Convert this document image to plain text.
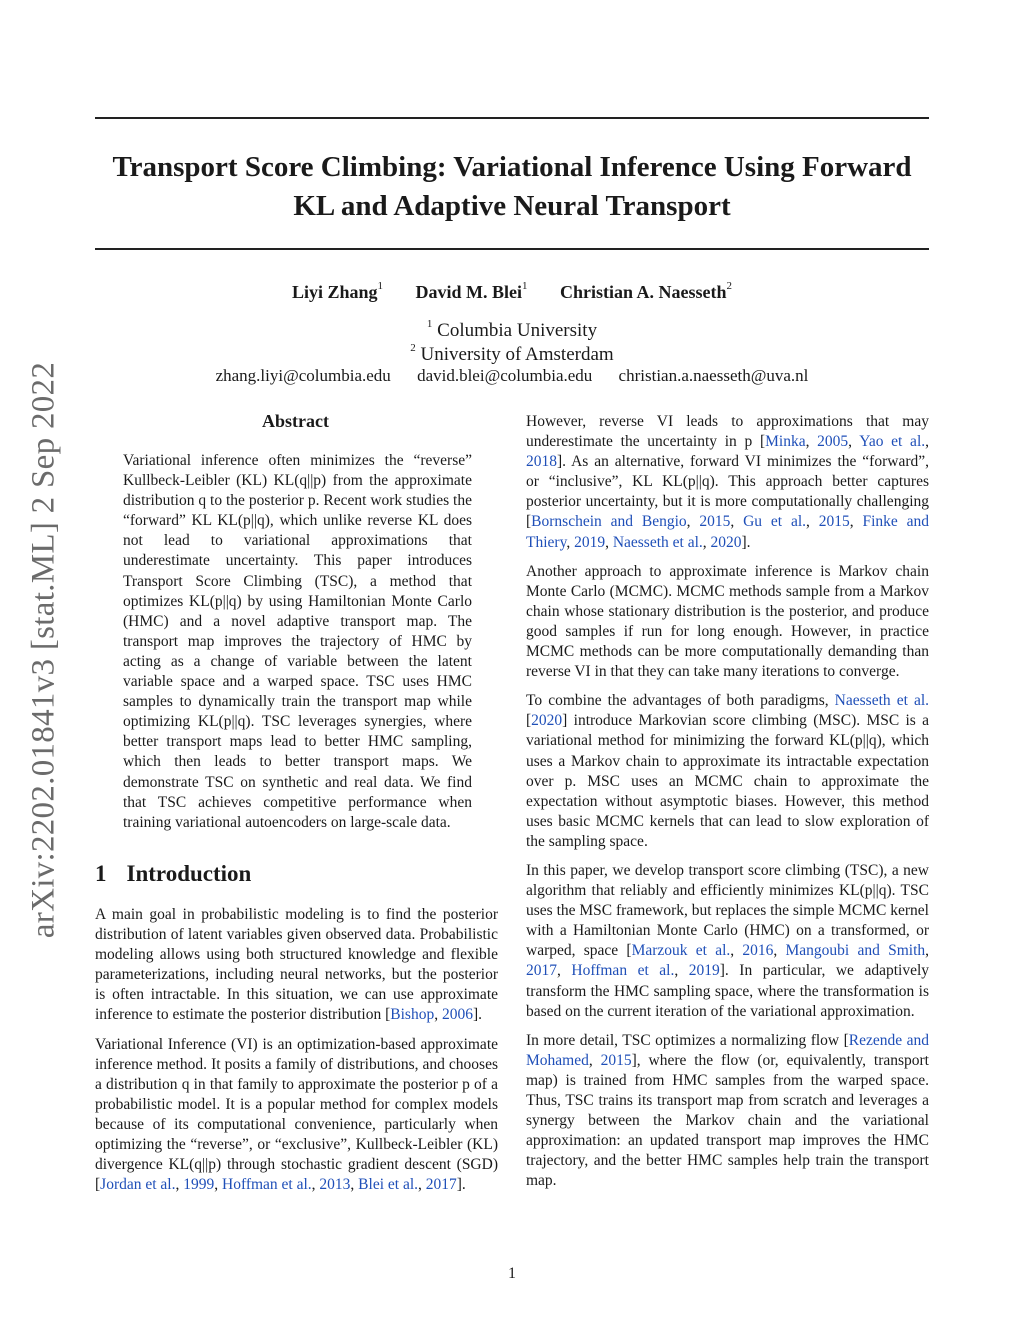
arXiv:2202.01841v3 [stat.ML] 2 Sep 2022
Transport Score Climbing: Variational Inference Using Forward
KL and Adaptive Neural Transport
Liyi Zhang$^1$ David M. Blei$^1$ Christian A. Naesseth$^2$
$^1$ Columbia University
$^2$ University of Amsterdam
zhang.liyi@columbia.edu david.blei@columbia.edu christian.a.naesseth@uva.nl
Abstract

Variational inference often minimizes the “reverse” Kullbeck-Leibler (KL) KL(q||p) from the approximate distribution q to the posterior p. Recent work studies the “forward” KL KL(p||q), which unlike reverse KL does not lead to variational approximations that underestimate uncertainty. This paper introduces Transport Score Climbing (TSC), a method that optimizes KL(p||q) by using Hamiltonian Monte Carlo (HMC) and a novel adaptive transport map. The transport map improves the trajectory of HMC by acting as a change of variable between the latent variable space and a warped space. TSC uses HMC samples to dynamically train the transport map while optimizing KL(p||q). TSC leverages synergies, where better transport maps lead to better HMC sampling, which then leads to better transport maps. We demonstrate TSC on synthetic and real data. We find that TSC achieves competitive performance when training variational autoencoders on large-scale data.

1 Introduction

A main goal in probabilistic modeling is to find the posterior distribution of latent variables given observed data. Probabilistic modeling allows using both structured knowledge and flexible parameterizations, including neural networks, but the posterior is often intractable. In this situation, we can use approximate inference to estimate the posterior distribution [Bishop, 2006].

Variational Inference (VI) is an optimization-based approximate inference method. It posits a family of distributions, and chooses a distribution q in that family to approximate the posterior p of a probabilistic model. It is a popular method for complex models because of its computational convenience, particularly when optimizing the “reverse”, or “exclusive”, Kullbeck-Leibler (KL) divergence KL(q||p) through stochastic gradient descent (SGD) [Jordan et al., 1999, Hoffman et al., 2013, Blei et al., 2017].

However, reverse VI leads to approximations that may underestimate the uncertainty in p [Minka, 2005, Yao et al., 2018]. As an alternative, forward VI minimizes the “forward”, or “inclusive”, KL KL(p||q). This approach better captures posterior uncertainty, but it is more computationally challenging [Bornschein and Bengio, 2015, Gu et al., 2015, Finke and Thiery, 2019, Naesseth et al., 2020].

Another approach to approximate inference is Markov chain Monte Carlo (MCMC). MCMC methods sample from a Markov chain whose stationary distribution is the posterior, and produce good samples if run for long enough. However, in practice MCMC methods can be more computationally demanding than reverse VI in that they can take many iterations to converge.

To combine the advantages of both paradigms, Naesseth et al. [2020] introduce Markovian score climbing (MSC). MSC is a variational method for minimizing the forward KL(p||q), which uses a Markov chain to approximate its intractable expectation over p. MSC uses an MCMC chain to approximate the expectation without asymptotic biases. However, this method uses basic MCMC kernels that can lead to slow exploration of the sampling space.

In this paper, we develop transport score climbing (TSC), a new algorithm that reliably and efficiently minimizes KL(p||q). TSC uses the MSC framework, but replaces the simple MCMC kernel with a Hamiltonian Monte Carlo (HMC) on a transformed, or warped, space [Marzouk et al., 2016, Mangoubi and Smith, 2017, Hoffman et al., 2019]. In particular, we adaptively transform the HMC sampling space, where the transformation is based on the current iteration of the variational approximation.

In more detail, TSC optimizes a normalizing flow [Rezende and Mohamed, 2015], where the flow (or, equivalently, transport map) is trained from HMC samples from the warped space. Thus, TSC trains its transport map from scratch and leverages a synergy between the Markov chain and the variational approximation: an updated transport map improves the HMC trajectory, and the better HMC samples help train the transport map.

1
